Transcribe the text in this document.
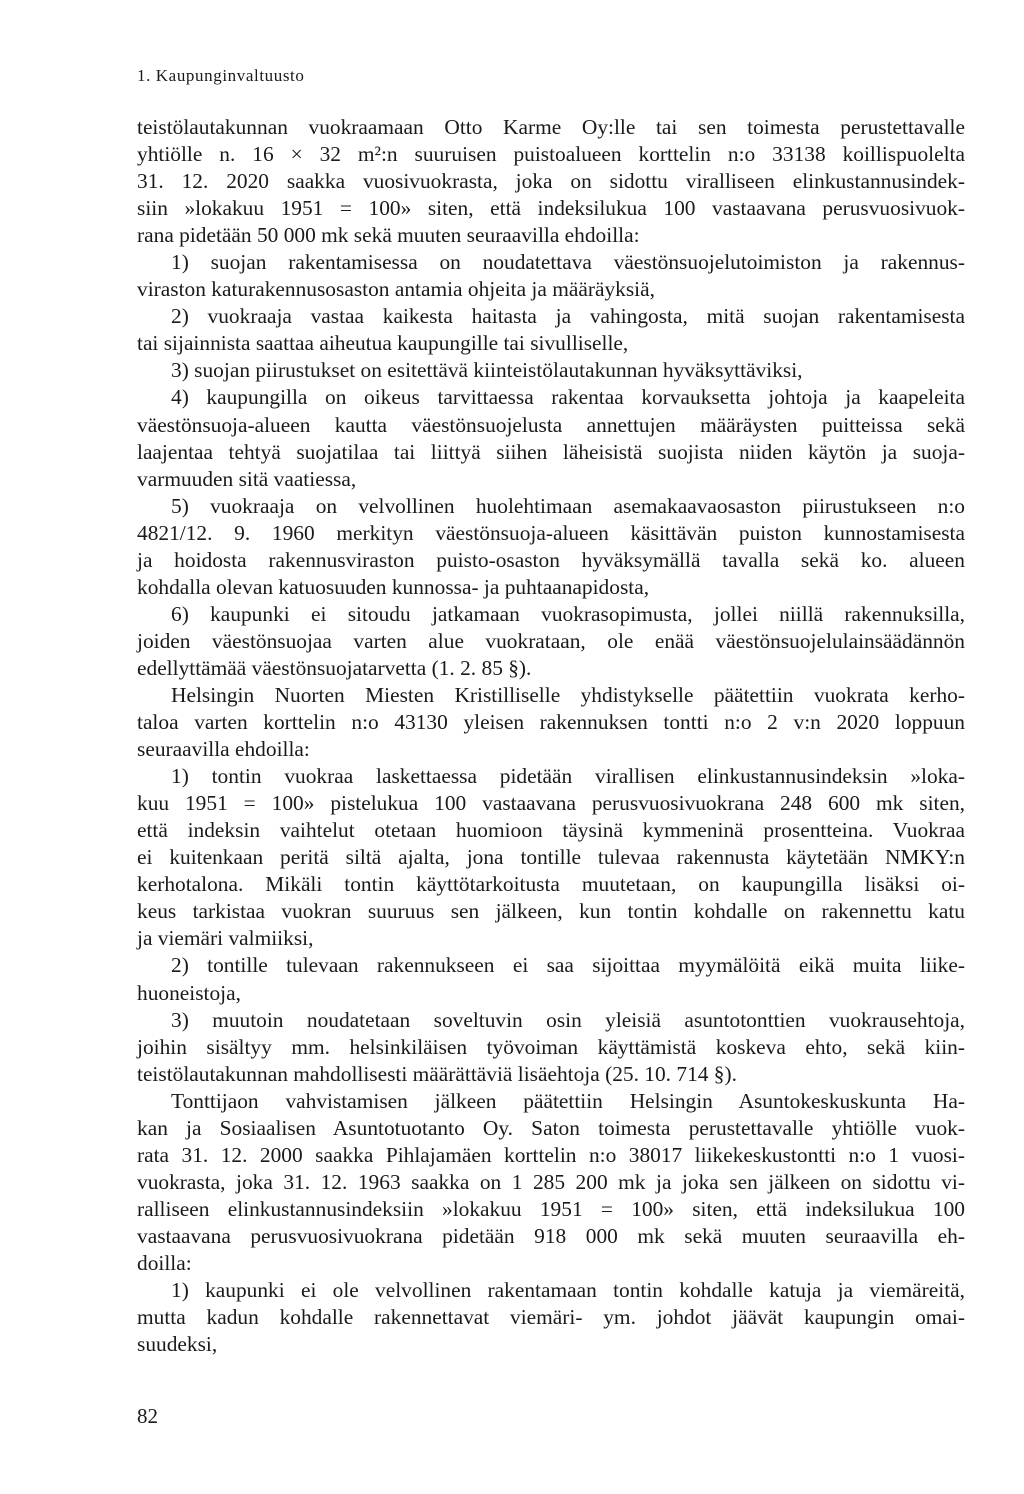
1. Kaupunginvaltuusto
teistölautakunnan vuokraamaan Otto Karme Oy:lle tai sen toimesta perustettavalle
yhtiölle n. 16 × 32 m²:n suuruisen puistoalueen korttelin n:o 33138 koillispuolelta
31. 12. 2020 saakka vuosivuokrasta, joka on sidottu viralliseen elinkustannusindek-
siin »lokakuu 1951 = 100» siten, että indeksilukua 100 vastaavana perusvuosivuok-
rana pidetään 50 000 mk sekä muuten seuraavilla ehdoilla:
1) suojan rakentamisessa on noudatettava väestönsuojelutoimiston ja rakennus-
viraston katurakennusosaston antamia ohjeita ja määräyksiä,
2) vuokraaja vastaa kaikesta haitasta ja vahingosta, mitä suojan rakentamisesta
tai sijainnista saattaa aiheutua kaupungille tai sivulliselle,
3) suojan piirustukset on esitettävä kiinteistölautakunnan hyväksyttäviksi,
4) kaupungilla on oikeus tarvittaessa rakentaa korvauksetta johtoja ja kaapeleita
väestönsuoja-alueen kautta väestönsuojelusta annettujen määräysten puitteissa sekä
laajentaa tehtyä suojatilaa tai liittyä siihen läheisistä suojista niiden käytön ja suoja-
varmuuden sitä vaatiessa,
5) vuokraaja on velvollinen huolehtimaan asemakaavaosaston piirustukseen n:o
4821/12. 9. 1960 merkityn väestönsuoja-alueen käsittävän puiston kunnostamisesta
ja hoidosta rakennusviraston puisto-osaston hyväksymällä tavalla sekä ko. alueen
kohdalla olevan katuosuuden kunnossa- ja puhtaanapidosta,
6) kaupunki ei sitoudu jatkamaan vuokrasopimusta, jollei niillä rakennuksilla,
joiden väestönsuojaa varten alue vuokrataan, ole enää väestönsuojelulainsäädännön
edellyttämää väestönsuojatarvetta (1. 2. 85 §).
Helsingin Nuorten Miesten Kristilliselle yhdistykselle päätettiin vuokrata kerho-
taloa varten korttelin n:o 43130 yleisen rakennuksen tontti n:o 2 v:n 2020 loppuun
seuraavilla ehdoilla:
1) tontin vuokraa laskettaessa pidetään virallisen elinkustannusindeksin »loka-
kuu 1951 = 100» pistelukua 100 vastaavana perusvuosivuokrana 248 600 mk siten,
että indeksin vaihtelut otetaan huomioon täysinä kymmeninä prosentteina. Vuokraa
ei kuitenkaan peritä siltä ajalta, jona tontille tulevaa rakennusta käytetään NMKY:n
kerhotalona. Mikäli tontin käyttötarkoitusta muutetaan, on kaupungilla lisäksi oi-
keus tarkistaa vuokran suuruus sen jälkeen, kun tontin kohdalle on rakennettu katu
ja viemäri valmiiksi,
2) tontille tulevaan rakennukseen ei saa sijoittaa myymälöitä eikä muita liike-
huoneistoja,
3) muutoin noudatetaan soveltuvin osin yleisiä asuntotonttien vuokrausehtoja,
joihin sisältyy mm. helsinkiläisen työvoiman käyttämistä koskeva ehto, sekä kiin-
teistölautakunnan mahdollisesti määrättäviä lisäehtoja (25. 10. 714 §).
Tonttijaon vahvistamisen jälkeen päätettiin Helsingin Asuntokeskuskunta Ha-
kan ja Sosiaalisen Asuntotuotanto Oy. Saton toimesta perustettavalle yhtiölle vuok-
rata 31. 12. 2000 saakka Pihlajamäen korttelin n:o 38017 liikekeskustontti n:o 1 vuosi-
vuokrasta, joka 31. 12. 1963 saakka on 1 285 200 mk ja joka sen jälkeen on sidottu vi-
ralliseen elinkustannusindeksiin »lokakuu 1951 = 100» siten, että indeksilukua 100
vastaavana perusvuosivuokrana pidetään 918 000 mk sekä muuten seuraavilla eh-
doilla:
1) kaupunki ei ole velvollinen rakentamaan tontin kohdalle katuja ja viemäreitä,
mutta kadun kohdalle rakennettavat viemäri- ym. johdot jäävät kaupungin omai-
suudeksi,
82
